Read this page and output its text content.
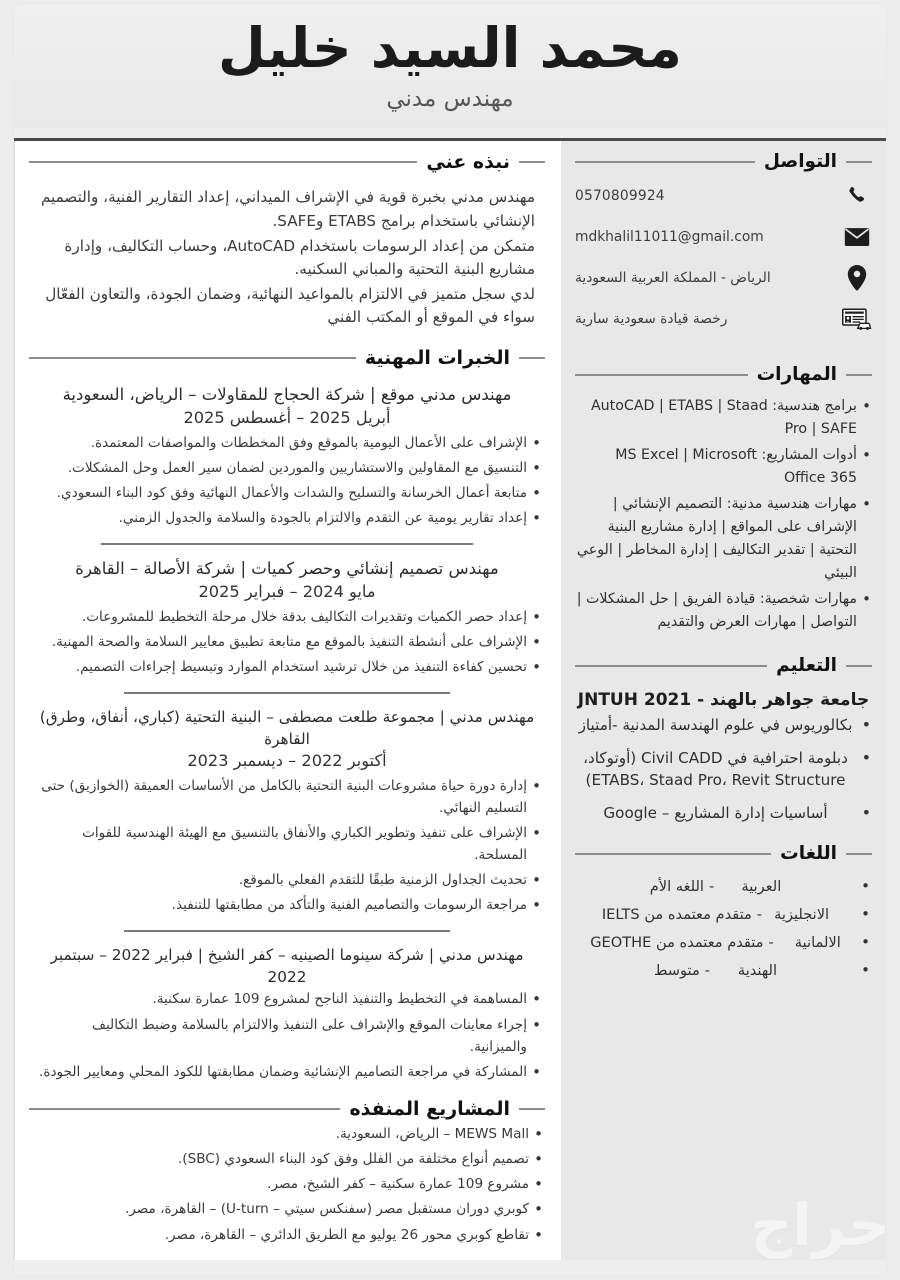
محمد السيد خليل
مهندس مدني
التواصل
0570809924
mdkhalil11011@gmail.com
الرياض - المملكة العربية السعودية
رخصة قيادة سعودية سارية
المهارات
• برامج هندسية: AutoCAD | ETABS | Staad Pro | SAFE
• أدوات المشاريع: MS Excel | Microsoft Office 365
• مهارات هندسية مدنية: التصميم الإنشائي | الإشراف على المواقع | إدارة مشاريع البنية التحتية | تقدير التكاليف | إدارة المخاطر | الوعي البيئي
• مهارات شخصية: قيادة الفريق | حل المشكلات | التواصل | مهارات العرض والتقديم
التعليم
جامعة جواهر بالهند - JNTUH 2021
• بكالوريوس في علوم الهندسة المدنية -أمتياز
• دبلومة احترافية في Civil CADD (أوتوكاد، ETABS، Staad Pro، Revit Structure)
• أساسيات إدارة المشاريع – Google
اللغات
• العربية-اللغه الأم
• الانجليزية-متقدم معتمده من IELTS
• الالمانية-متقدم معتمده من GEOTHE
• الهندية-متوسط
نبذه عني

مهندس مدني بخبرة قوية في الإشراف الميداني، إعداد التقارير الفنية، والتصميم الإنشائي باستخدام برامج ETABS وSAFE.

متمكن من إعداد الرسومات باستخدام AutoCAD، وحساب التكاليف، وإدارة مشاريع البنية التحتية والمباني السكنيه.

لدي سجل متميز في الالتزام بالمواعيد النهائية، وضمان الجودة، والتعاون الفعّال سواء في الموقع أو المكتب الفني

الخبرات المهنية
مهندس مدني موقع | شركة الحجاج للمقاولات – الرياض، السعودية
أبريل 2025 – أغسطس 2025
• الإشراف على الأعمال اليومية بالموقع وفق المخططات والمواصفات المعتمدة.
• التنسيق مع المقاولين والاستشاريين والموردين لضمان سير العمل وحل المشكلات.
• متابعة أعمال الخرسانة والتسليح والشدات والأعمال النهائية وفق كود البناء السعودي.
• إعداد تقارير يومية عن التقدم والالتزام بالجودة والسلامة والجدول الزمني.
مهندس تصميم إنشائي وحصر كميات | شركة الأصالة – القاهرة
مايو 2024 – فبراير 2025
• إعداد حصر الكميات وتقديرات التكاليف بدقة خلال مرحلة التخطيط للمشروعات.
• الإشراف على أنشطة التنفيذ بالموقع مع متابعة تطبيق معايير السلامة والصحة المهنية.
• تحسين كفاءة التنفيذ من خلال ترشيد استخدام الموارد وتبسيط إجراءات التصميم.
مهندس مدني | مجموعة طلعت مصطفى – البنية التحتية (كباري، أنفاق، وطرق) القاهرة
أكتوبر 2022 – ديسمبر 2023
• إدارة دورة حياة مشروعات البنية التحتية بالكامل من الأساسات العميقة (الخوازيق) حتى التسليم النهائي.
• الإشراف على تنفيذ وتطوير الكباري والأنفاق بالتنسيق مع الهيئة الهندسية للقوات المسلحة.
• تحديث الجداول الزمنية طبقًا للتقدم الفعلي بالموقع.
• مراجعة الرسومات والتصاميم الفنية والتأكد من مطابقتها للتنفيذ.
مهندس مدني | شركة سينوما الصينيه – كفر الشيخ | فبراير 2022 – سبتمبر 2022
• المساهمة في التخطيط والتنفيذ الناجح لمشروع 109 عمارة سكنية.
• إجراء معاينات الموقع والإشراف على التنفيذ والالتزام بالسلامة وضبط التكاليف والميزانية.
• المشاركة في مراجعة التصاميم الإنشائية وضمان مطابقتها للكود المحلي ومعايير الجودة.
المشاريع المنفذه
• MEWS Mall – الرياض، السعودية.
• تصميم أنواع مختلفة من الفلل وفق كود البناء السعودي (SBC).
• مشروع 109 عمارة سكنية – كفر الشيخ، مصر.
• كوبري دوران مستقبل مصر (سفنكس سيتي – U-turn) – القاهرة، مصر.
• تقاطع كوبري محور 26 يوليو مع الطريق الدائري – القاهرة، مصر.	حراج
